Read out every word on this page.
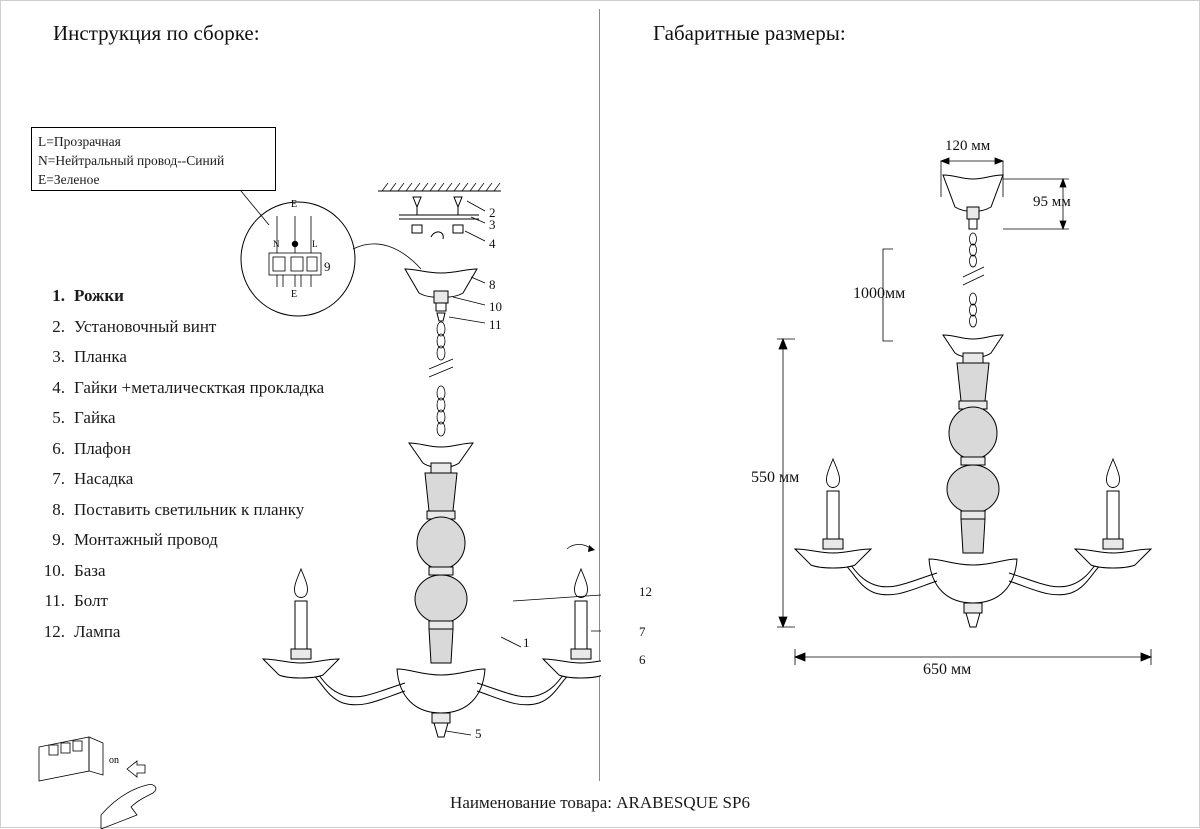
Инструкция по сборке:	Габаритные размеры:
L=Прозрачная
N=Нейтральный провод--Синий
E=Зеленое
1. Рожки
2. Установочный винт
3. Планка
4. Гайки +металическткая прокладка
5. Гайка
6. Плафон
7. Насадка
8. Поставить светильник к планку
9. Монтажный провод
10. База
11. Болт
12. Лампа
N	L
E
E
2
3
4
8
10
11
9
12
7
6
1
5
on
120 мм
95 мм
1000мм
550 мм
650 мм
Наименование товара: ARABESQUE SP6
